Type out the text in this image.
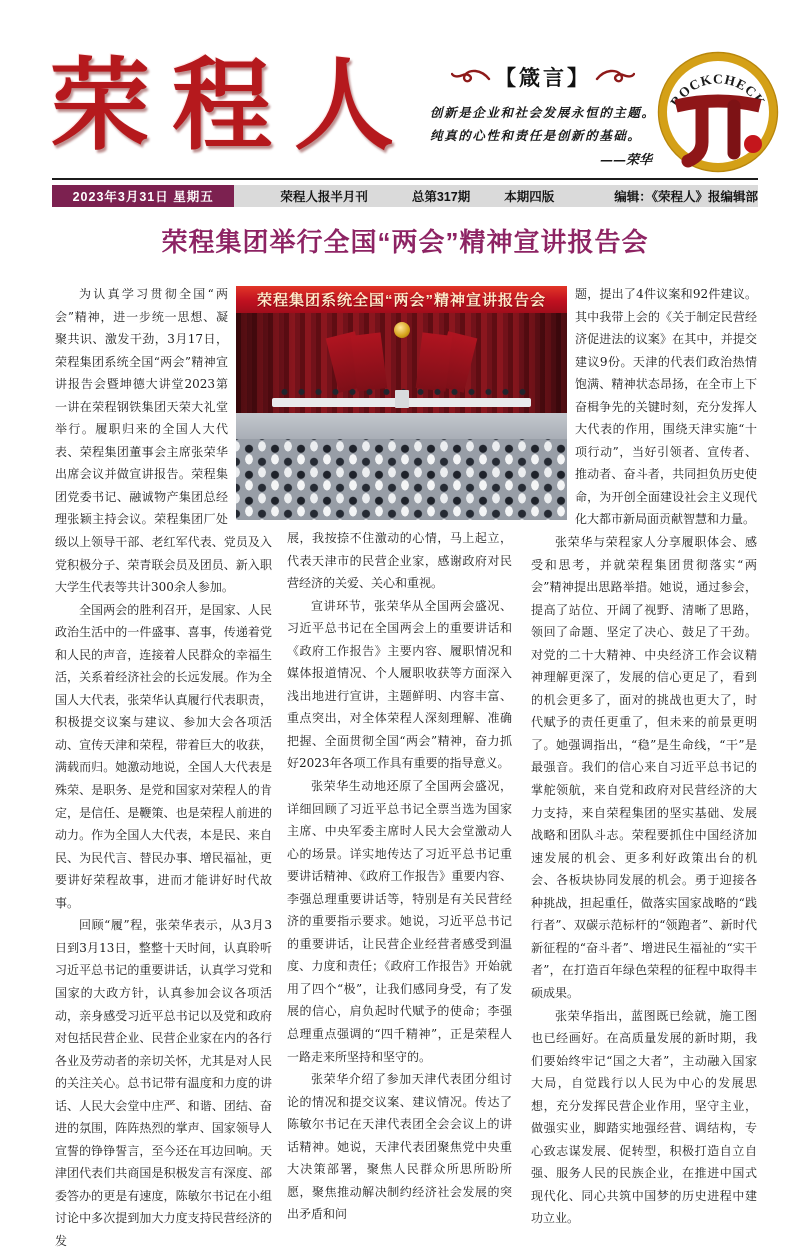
荣程人	【箴言】
创新是企业和社会发展永恒的主题。
纯真的心性和责任是创新的基础。
——荣华
ROCKCHECK
2023年3月31日 星期五	荣程人报半月刊	总第317期	本期四版	编辑：《荣程人》报编辑部
荣程集团举行全国“两会”精神宣讲报告会
荣程集团系统全国“两会”精神宣讲报告会

为认真学习贯彻全国“两会”精神，进一步统一思想、凝聚共识、激发干劲，3月17日，荣程集团系统全国“两会”精神宣讲报告会暨坤德大讲堂2023第一讲在荣程钢铁集团天荣大礼堂举行。履职归来的全国人大代表、荣程集团董事会主席张荣华出席会议并做宣讲报告。荣程集团党委书记、融诚物产集团总经理张颖主持会议。荣程集团厂处级以上领导干部、老红军代表、党员及入党积极分子、荣青联会员及团员、新入职大学生代表等共计300余人参加。

全国两会的胜利召开，是国家、人民政治生活中的一件盛事、喜事，传递着党和人民的声音，连接着人民群众的幸福生活，关系着经济社会的长远发展。作为全国人大代表，张荣华认真履行代表职责，积极提交议案与建议、参加大会各项活动、宣传天津和荣程，带着巨大的收获，满载而归。她激动地说，全国人大代表是殊荣、是职务、是党和国家对荣程人的肯定，是信任、是鞭策、也是荣程人前进的动力。作为全国人大代表，本是民、来自民、为民代言、替民办事、增民福祉，更要讲好荣程故事，进而才能讲好时代故事。

回顾“履”程，张荣华表示，从3月3日到3月13日，整整十天时间，认真聆听习近平总书记的重要讲话，认真学习党和国家的大政方针，认真参加会议各项活动，亲身感受习近平总书记以及党和政府对包括民营企业、民营企业家在内的各行各业及劳动者的亲切关怀，尤其是对人民的关注关心。总书记带有温度和力度的讲话、人民大会堂中庄严、和谐、团结、奋进的氛围，阵阵热烈的掌声、国家领导人宣誓的铮铮誓言，至今还在耳边回响。天津团代表们共商国是积极发言有深度、部委答办的更是有速度，陈敏尔书记在小组讨论中多次提到加大力度支持民营经济的发

展，我按捺不住激动的心情，马上起立，代表天津市的民营企业家，感谢政府对民营经济的关爱、关心和重视。

宣讲环节，张荣华从全国两会盛况、习近平总书记在全国两会上的重要讲话和《政府工作报告》主要内容、履职情况和媒体报道情况、个人履职收获等方面深入浅出地进行宣讲，主题鲜明、内容丰富、重点突出，对全体荣程人深刻理解、准确把握、全面贯彻全国“两会”精神，奋力抓好2023年各项工作具有重要的指导意义。

张荣华生动地还原了全国两会盛况，详细回顾了习近平总书记全票当选为国家主席、中央军委主席时人民大会堂激动人心的场景。详实地传达了习近平总书记重要讲话精神、《政府工作报告》重要内容、李强总理重要讲话等，特别是有关民营经济的重要指示要求。她说，习近平总书记的重要讲话，让民营企业经营者感受到温度、力度和责任；《政府工作报告》开始就用了四个“极”，让我们感同身受，有了发展的信心，肩负起时代赋予的使命；李强总理重点强调的“四千精神”，正是荣程人一路走来所坚持和坚守的。

张荣华介绍了参加天津代表团分组讨论的情况和提交议案、建议情况。传达了陈敏尔书记在天津代表团全会会议上的讲话精神。她说，天津代表团聚焦党中央重大决策部署，聚焦人民群众所思所盼所愿，聚焦推动解决制约经济社会发展的突出矛盾和问

题，提出了4件议案和92件建议。其中我带上会的《关于制定民营经济促进法的议案》在其中，并提交建议9份。天津的代表们政治热情饱满、精神状态昂扬，在全市上下奋楫争先的关键时刻，充分发挥人大代表的作用，围绕天津实施“十项行动”，当好引领者、宣传者、推动者、奋斗者，共同担负历史使命，为开创全面建设社会主义现代化大都市新局面贡献智慧和力量。

张荣华与荣程家人分享履职体会、感受和思考，并就荣程集团贯彻落实“两会”精神提出思路举措。她说，通过参会，提高了站位、开阔了视野、清晰了思路，领回了命题、坚定了决心、鼓足了干劲。对党的二十大精神、中央经济工作会议精神理解更深了，发展的信心更足了，看到的机会更多了，面对的挑战也更大了，时代赋予的责任更重了，但未来的前景更明了。她强调指出，“稳”是生命线，“干”是最强音。我们的信心来自习近平总书记的掌舵领航，来自党和政府对民营经济的大力支持，来自荣程集团的坚实基础、发展战略和团队斗志。荣程要抓住中国经济加速发展的机会、更多利好政策出台的机会、各板块协同发展的机会。勇于迎接各种挑战，担起重任，做落实国家战略的“践行者”、双碳示范标杆的“领跑者”、新时代新征程的“奋斗者”、增进民生福祉的“实干者”，在打造百年绿色荣程的征程中取得丰硕成果。

张荣华指出，蓝图既已绘就，施工图也已经画好。在高质量发展的新时期，我们要始终牢记“国之大者”，主动融入国家大局，自觉践行以人民为中心的发展思想，充分发挥民营企业作用，坚守主业，做强实业，脚踏实地强经营、调结构，专心致志谋发展、促转型，积极打造自立自强、服务人民的民族企业，在推进中国式现代化、同心共筑中国梦的历史进程中建功立业。
